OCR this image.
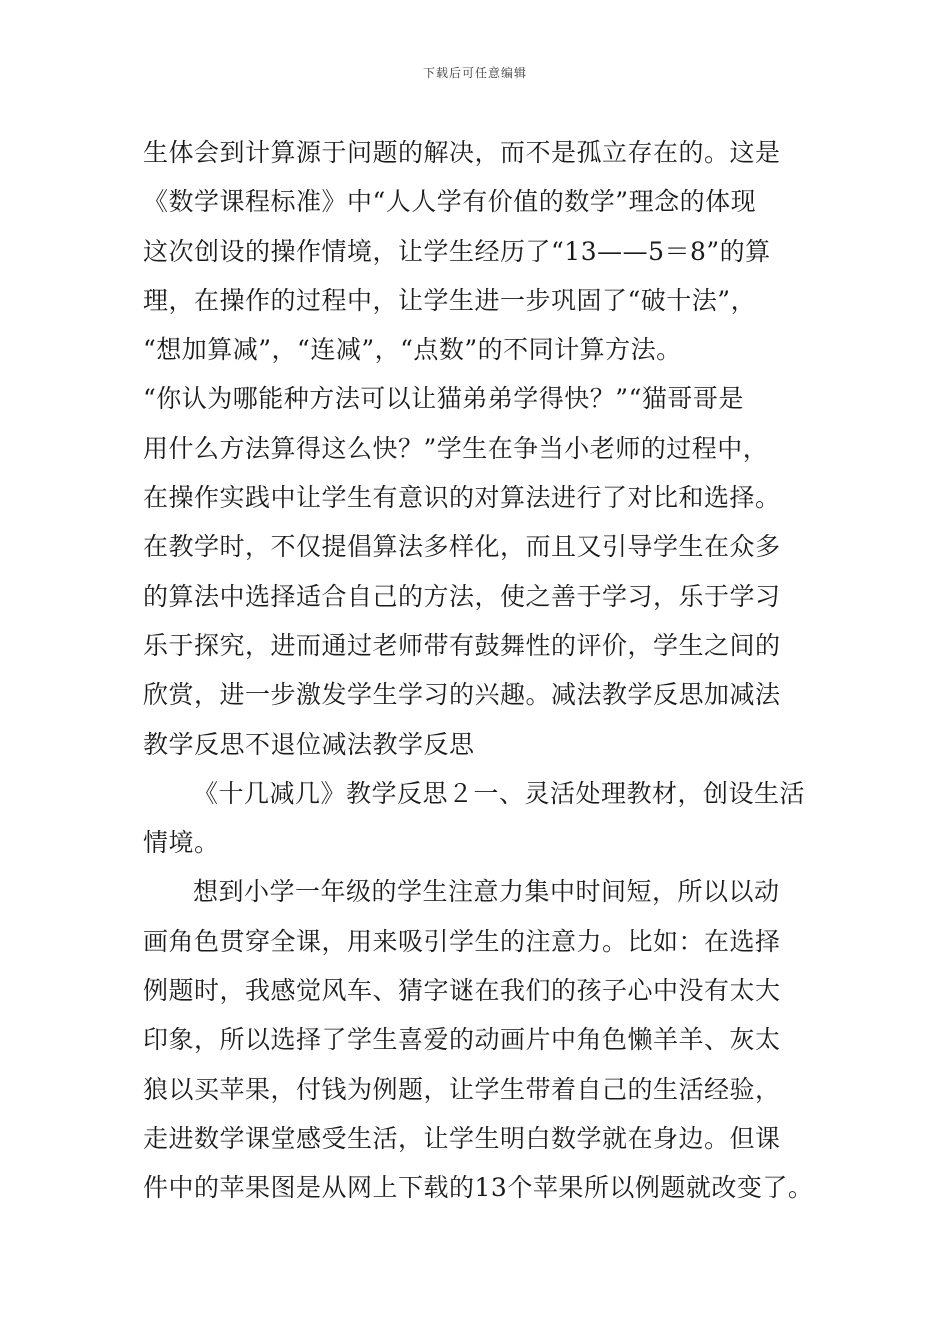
下载后可任意编辑
生体会到计算源于问题的解决，而不是孤立存在的。这是
《数学课程标准》中“人人学有价值的数学”理念的体现
这次创设的操作情境，让学生经历了“13——5＝8”的算
理，在操作的过程中，让学生进一步巩固了“破十法”，
“想加算减”，“连减”，“点数”的不同计算方法。
“你认为哪能种方法可以让猫弟弟学得快？”“猫哥哥是
用什么方法算得这么快？”学生在争当小老师的过程中，
在操作实践中让学生有意识的对算法进行了对比和选择。
在教学时，不仅提倡算法多样化，而且又引导学生在众多
的算法中选择适合自己的方法，使之善于学习，乐于学习
乐于探究，进而通过老师带有鼓舞性的评价，学生之间的
欣赏，进一步激发学生学习的兴趣。减法教学反思加减法
教学反思不退位减法教学反思
《十几减几》教学反思２一、灵活处理教材，创设生活
情境。
想到小学一年级的学生注意力集中时间短，所以以动
画角色贯穿全课，用来吸引学生的注意力。比如：在选择
例题时，我感觉风车、猜字谜在我们的孩子心中没有太大
印象，所以选择了学生喜爱的动画片中角色懒羊羊、灰太
狼以买苹果，付钱为例题，让学生带着自己的生活经验，
走进数学课堂感受生活，让学生明白数学就在身边。但课
件中的苹果图是从网上下载的13个苹果所以例题就改变了。
